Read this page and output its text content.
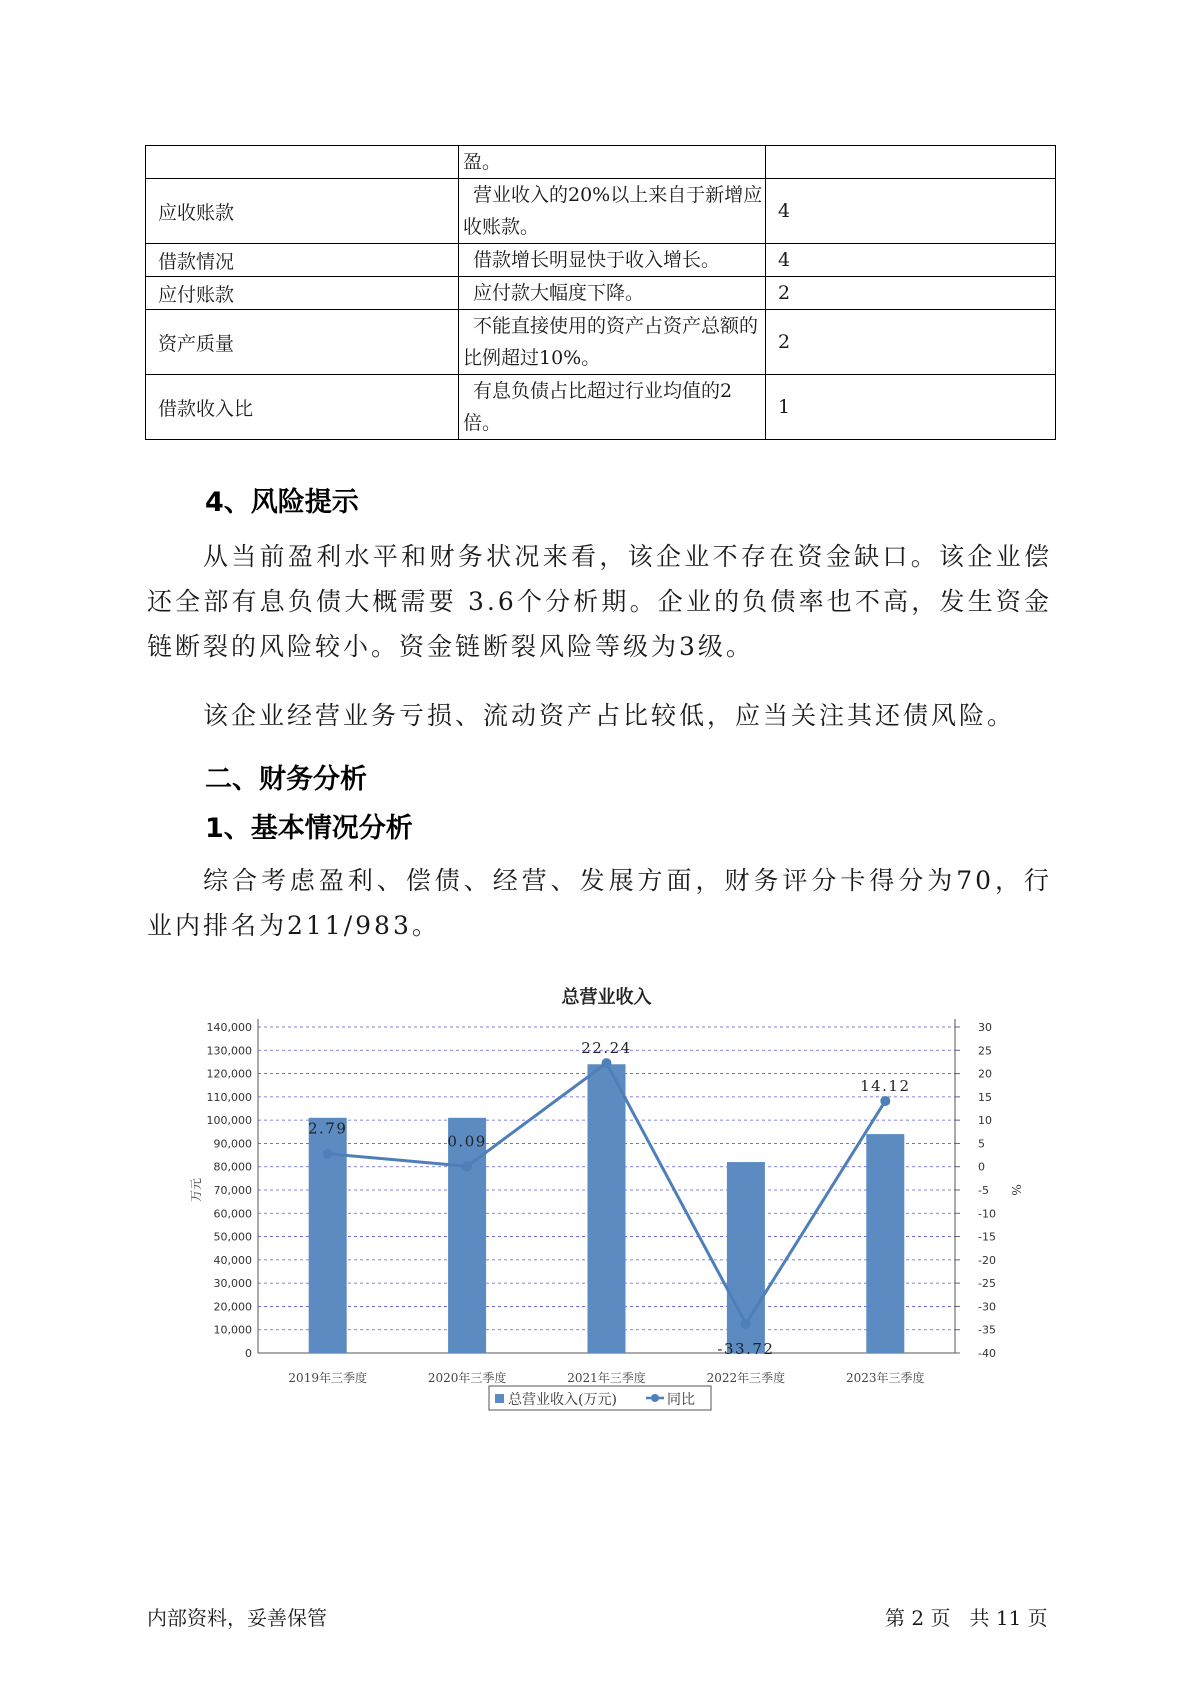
	盈。	
应收账款	营业收入的20%以上来自于新增应收账款。	4
借款情况	借款增长明显快于收入增长。	4
应付账款	应付款大幅度下降。	2
资产质量	不能直接使用的资产占资产总额的比例超过10%。	2
借款收入比	有息负债占比超过行业均值的2倍。	1
4、风险提示
从当前盈利水平和财务状况来看，该企业不存在资金缺口。该企业偿还全部有息负债大概需要 3.6个分析期。企业的负债率也不高，发生资金链断裂的风险较小。资金链断裂风险等级为3级。
该企业经营业务亏损、流动资产占比较低，应当关注其还债风险。
二、财务分析
1、基本情况分析
综合考虑盈利、偿债、经营、发展方面，财务评分卡得分为70，行业内排名为211/983。
总营业收入
0
10,000
20,000
30,000
40,000
50,000
60,000
70,000
80,000
90,000
100,000
110,000
120,000
130,000
140,000
-40
-35
-30
-25
-20
-15
-10
-5
0
5
10
15
20
25
30
万元	%
2019年三季度	2020年三季度	2021年三季度	2022年三季度	2023年三季度
2.79
0.09
22.24
-33.72
14.12
总营业收入(万元)	同比
内部资料，妥善保管	第 2 页   共 11 页
